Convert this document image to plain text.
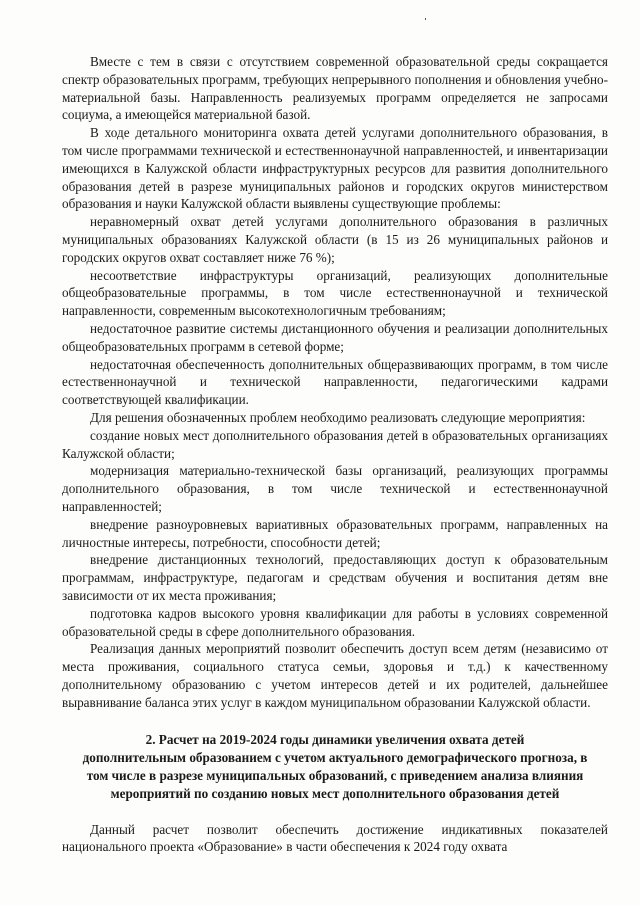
Вместе с тем в связи с отсутствием современной образовательной среды сокращается спектр образовательных программ, требующих непрерывного пополнения и обновления учебно-материальной базы. Направленность реализуемых программ определяется не запросами социума, а имеющейся материальной базой.

В ходе детального мониторинга охвата детей услугами дополнительного образования, в том числе программами технической и естественнонаучной направленностей, и инвентаризации имеющихся в Калужской области инфраструктурных ресурсов для развития дополнительного образования детей в разрезе муниципальных районов и городских округов министерством образования и науки Калужской области выявлены существующие проблемы:

неравномерный охват детей услугами дополнительного образования в различных муниципальных образованиях Калужской области (в 15 из 26 муниципальных районов и городских округов охват составляет ниже 76 %);

несоответствие инфраструктуры организаций, реализующих дополнительные общеобразовательные программы, в том числе естественнонаучной и технической направленности, современным высокотехнологичным требованиям;

недостаточное развитие системы дистанционного обучения и реализации дополнительных общеобразовательных программ в сетевой форме;

недостаточная обеспеченность дополнительных общеразвивающих программ, в том числе естественнонаучной и технической направленности, педагогическими кадрами соответствующей квалификации.

Для решения обозначенных проблем необходимо реализовать следующие мероприятия:

создание новых мест дополнительного образования детей в образовательных организациях Калужской области;

модернизация материально-технической базы организаций, реализующих программы дополнительного образования, в том числе технической и естественнонаучной направленностей;

внедрение разноуровневых вариативных образовательных программ, направленных на личностные интересы, потребности, способности детей;

внедрение дистанционных технологий, предоставляющих доступ к образовательным программам, инфраструктуре, педагогам и средствам обучения и воспитания детям вне зависимости от их места проживания;

подготовка кадров высокого уровня квалификации для работы в условиях современной образовательной среды в сфере дополнительного образования.

Реализация данных мероприятий позволит обеспечить доступ всем детям (независимо от места проживания, социального статуса семьи, здоровья и т.д.) к качественному дополнительному образованию с учетом интересов детей и их родителей, дальнейшее выравнивание баланса этих услуг в каждом муниципальном образовании Калужской области.

2. Расчет на 2019-2024 годы динамики увеличения охвата детей
дополнительным образованием с учетом актуального демографического прогноза, в
том числе в разрезе муниципальных образований, с приведением анализа влияния
мероприятий по созданию новых мест дополнительного образования детей

Данный расчет позволит обеспечить достижение индикативных показателей национального проекта «Образование» в части обеспечения к 2024 году охвата
